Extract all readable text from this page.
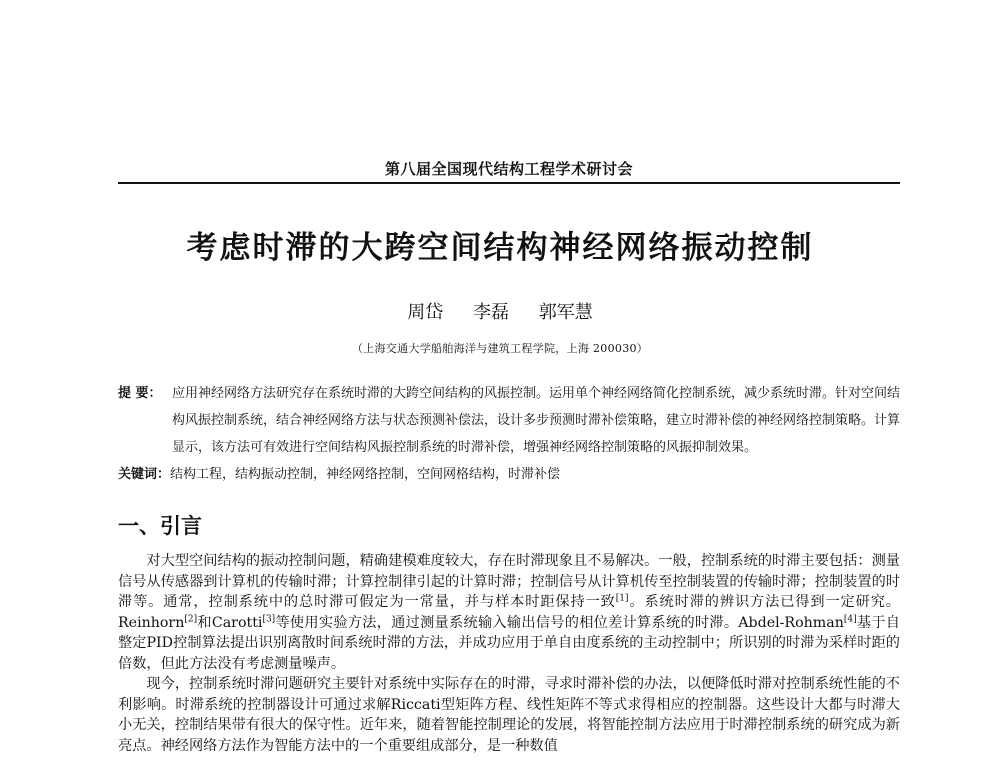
第八届全国现代结构工程学术研讨会
考虑时滞的大跨空间结构神经网络振动控制
周岱 李磊 郭军慧
（上海交通大学船舶海洋与建筑工程学院，上海 200030）
提 要： 应用神经网络方法研究存在系统时滞的大跨空间结构的风振控制。运用单个神经网络简化控制系统，减少系统时滞。针对空间结构风振控制系统，结合神经网络方法与状态预测补偿法，设计多步预测时滞补偿策略，建立时滞补偿的神经网络控制策略。计算显示，该方法可有效进行空间结构风振控制系统的时滞补偿，增强神经网络控制策略的风振抑制效果。
关键词：结构工程，结构振动控制，神经网络控制，空间网格结构，时滞补偿
一、引言

对大型空间结构的振动控制问题，精确建模难度较大，存在时滞现象且不易解决。一般，控制系统的时滞主要包括：测量信号从传感器到计算机的传输时滞；计算控制律引起的计算时滞；控制信号从计算机传至控制装置的传输时滞；控制装置的时滞等。通常，控制系统中的总时滞可假定为一常量，并与样本时距保持一致[1]。系统时滞的辨识方法已得到一定研究。Reinhorn[2]和Carotti[3]等使用实验方法，通过测量系统输入输出信号的相位差计算系统的时滞。Abdel-Rohman[4]基于自整定PID控制算法提出识别离散时间系统时滞的方法，并成功应用于单自由度系统的主动控制中；所识别的时滞为采样时距的倍数，但此方法没有考虑测量噪声。

现今，控制系统时滞问题研究主要针对系统中实际存在的时滞，寻求时滞补偿的办法，以便降低时滞对控制系统性能的不利影响。时滞系统的控制器设计可通过求解Riccati型矩阵方程、线性矩阵不等式求得相应的控制器。这些设计大都与时滞大小无关，控制结果带有很大的保守性。近年来，随着智能控制理论的发展，将智能控制方法应用于时滞控制系统的研究成为新亮点。神经网络方法作为智能方法中的一个重要组成部分，是一种数值
